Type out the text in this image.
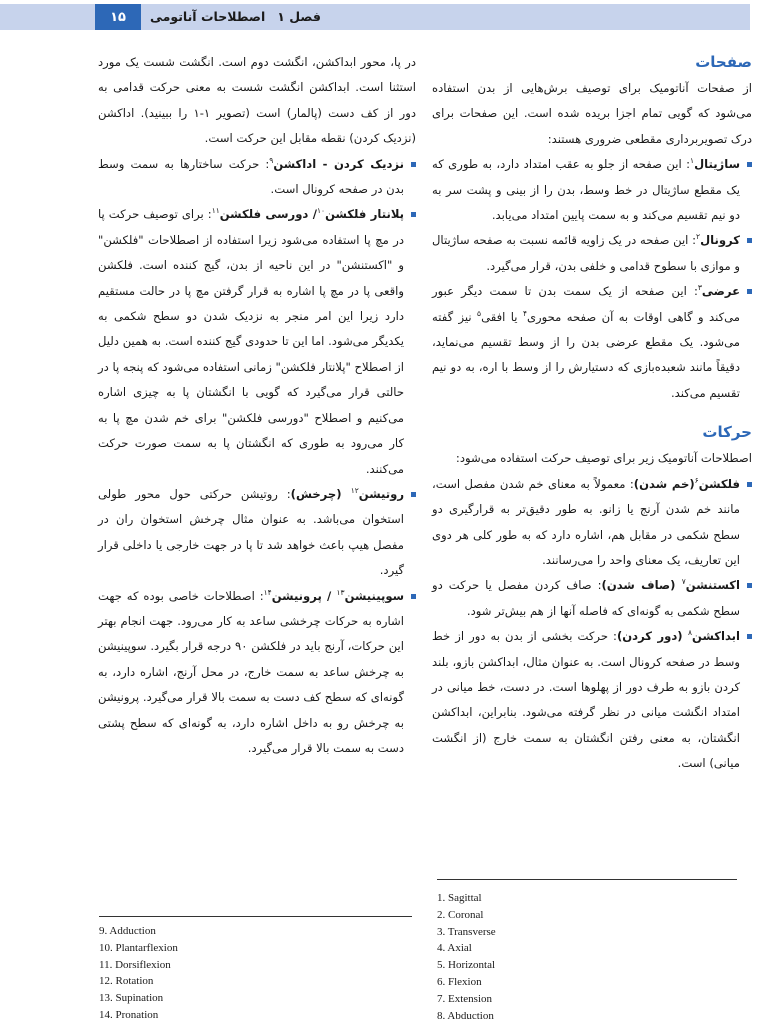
۱۵	فصل ۱اصطلاحات آناتومی
صفحات

از صفحات آناتومیک برای توصیف برش‌هایی از بدن استفاده می‌شود که گویی تمام اجزا بریده شده است. این صفحات برای درک تصویربرداری مقطعی ضروری هستند:

ساژیتال$^۱$: این صفحه از جلو به عقب امتداد دارد، به طوری که یک مقطع ساژیتال در خط وسط، بدن را از بینی و پشت سر به دو نیم تقسیم می‌کند و به سمت پایین امتداد می‌یابد.

کرونال$^۲$: این صفحه در یک زاویه قائمه نسبت به صفحه ساژیتال و موازی با سطوح قدامی و خلفی بدن، قرار می‌گیرد.

عرضی$^۳$: این صفحه از یک سمت بدن تا سمت دیگر عبور می‌کند و گاهی اوقات به آن صفحه محوری$^۴$ یا افقی$^۵$ نیز گفته می‌شود. یک مقطع عرضی بدن را از وسط تقسیم می‌نماید، دقیقاً مانند شعبده‌بازی که دستیارش را از وسط با اره، به دو نیم تقسیم می‌کند.

حرکات

اصطلاحات آناتومیک زیر برای توصیف حرکت استفاده می‌شود:

فلکشن$^۶$(خم شدن): معمولاً به معنای خم شدن مفصل است، مانند خم شدن آرنج یا زانو. به طور دقیق‌تر به قرارگیری دو سطح شکمی در مقابل هم، اشاره دارد که به طور کلی هر دوی این تعاریف، یک معنای واحد را می‌رسانند.

اکستنشن$^۷$ (صاف شدن): صاف کردن مفصل یا حرکت دو سطح شکمی به گونه‌ای که فاصله آنها از هم بیش‌تر شود.

ابداکشن$^۸$ (دور کردن): حرکت بخشی از بدن به دور از خط وسط در صفحه کرونال است. به عنوان مثال، ابداکشن بازو، بلند کردن بازو به طرف دور از پهلوها است. در دست، خط میانی در امتداد انگشت میانی در نظر گرفته می‌شود. بنابراین، ابداکشن انگشتان، به معنی رفتن انگشتان به سمت خارج (از انگشت میانی) است.

در پا، محور ابداکشن، انگشت دوم است. انگشت شست یک مورد استثنا است. ابداکشن انگشت شست به معنی حرکت قدامی به دور از کف دست (پالمار) است (تصویر ۱-۱ را ببینید). اداکشن (نزدیک کردن) نقطه مقابل این حرکت است.

نزدیک کردن - اداکشن$^۹$: حرکت ساختارها به سمت وسط بدن در صفحه کرونال است.

پلانتار فلکشن$^{۱۰}$/ دورسی فلکشن$^{۱۱}$: برای توصیف حرکت پا در مچ پا استفاده می‌شود زیرا استفاده از اصطلاحات "فلکشن" و "اکستنشن" در این ناحیه از بدن، گیج کننده است. فلکشن واقعی پا در مچ پا اشاره به قرار گرفتن مچ پا در حالت مستقیم دارد زیرا این امر منجر به نزدیک شدن دو سطح شکمی به یکدیگر می‌شود. اما این تا حدودی گیج کننده است. به همین دلیل از اصطلاح "پلانتار فلکشن" زمانی استفاده می‌شود که پنجه پا در حالتی قرار می‌گیرد که گویی با انگشتان پا به چیزی اشاره می‌کنیم و اصطلاح "دورسی فلکشن" برای خم شدن مچ پا به کار می‌رود به طوری که انگشتان پا به سمت صورت حرکت می‌کنند.

روتیشن$^{۱۲}$ (چرخش): روتیشن حرکتی حول محور طولی استخوان می‌باشد. به عنوان مثال چرخش استخوان ران در مفصل هیپ باعث خواهد شد تا پا در جهت خارجی یا داخلی قرار گیرد.

سوپینیشن$^{۱۳}$ / پرونیشن$^{۱۴}$: اصطلاحات خاصی بوده که جهت اشاره به حرکات چرخشی ساعد به کار می‌رود. جهت انجام بهتر این حرکات، آرنج باید در فلکشن ۹۰ درجه قرار بگیرد. سوپینیشن به چرخش ساعد به سمت خارج، در محل آرنج، اشاره دارد، به گونه‌ای که سطح کف دست به سمت بالا قرار می‌گیرد. پرونیشن به چرخش رو به داخل اشاره دارد، به گونه‌ای که سطح پشتی دست به سمت بالا قرار می‌گیرد.

1. Sagittal
2. Coronal
3. Transverse
4. Axial
5. Horizontal
6. Flexion
7. Extension
8. Abduction
9. Adduction
10. Plantarflexion
11. Dorsiflexion
12. Rotation
13. Supination
14. Pronation
